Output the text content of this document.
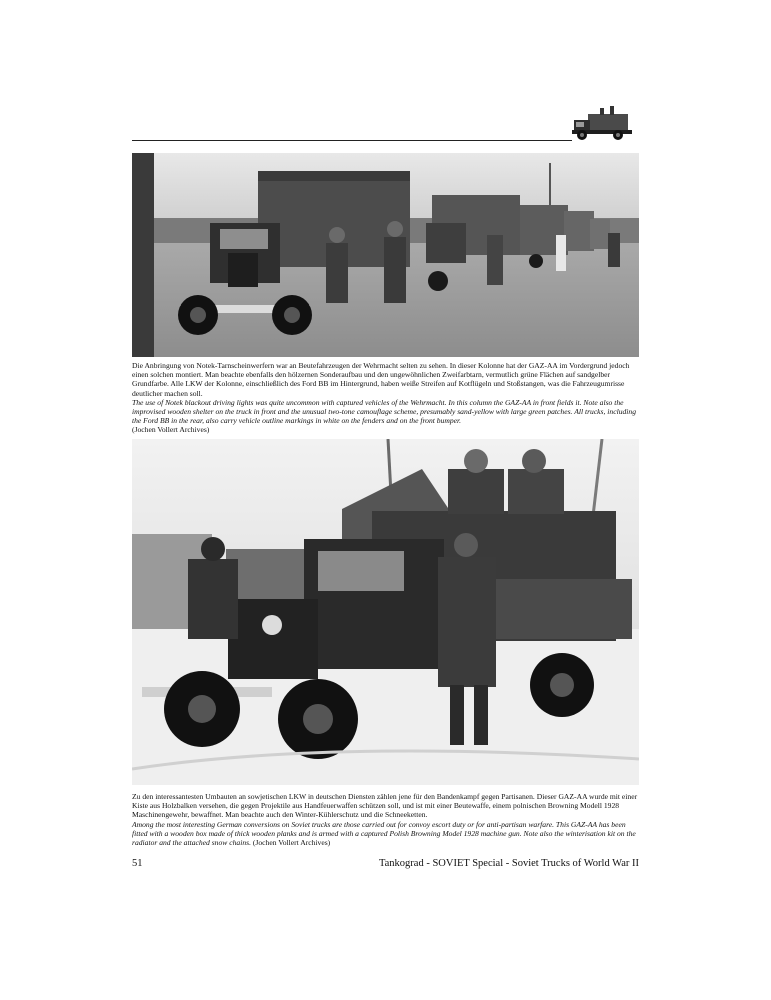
Die Anbringung von Notek-Tarnscheinwerfern war an Beutefahrzeugen der Wehrmacht selten zu sehen. In dieser Kolonne hat der GAZ-AA im Vordergrund jedoch einen solchen montiert. Man beachte ebenfalls den hölzernen Sonderaufbau und den ungewöhnlichen Zweifarbtarn, vermutlich grüne Flächen auf sandgelber Grundfarbe. Alle LKW der Kolonne, einschließlich des Ford BB im Hintergrund, haben weiße Streifen auf Kotflügeln und Stoßstangen, was die Fahrzeugumrisse deutlicher machen soll.

The use of Notek blackout driving lights was quite uncommon with captured vehicles of the Wehrmacht. In this column the GAZ-AA in front fields it. Note also the improvised wooden shelter on the truck in front and the unusual two-tone camouflage scheme, presumably sand-yellow with large green patches. All trucks, including the Ford BB in the rear, also carry vehicle outline markings in white on the fenders and on the front bumper.

(Jochen Vollert Archives)

Zu den interessantesten Umbauten an sowjetischen LKW in deutschen Diensten zählen jene für den Bandenkampf gegen Partisanen. Dieser GAZ-AA wurde mit einer Kiste aus Holzbalken versehen, die gegen Projektile aus Handfeuerwaffen schützen soll, und ist mit einer Beutewaffe, einem polnischen Browning Modell 1928 Maschinengewehr, bewaffnet. Man beachte auch den Winter-Kühlerschutz und die Schneeketten.

Among the most interesting German conversions on Soviet trucks are those carried out for convoy escort duty or for anti-partisan warfare. This GAZ-AA has been fitted with a wooden box made of thick wooden planks and is armed with a captured Polish Browning Model 1928 machine gun. Note also the winterisation kit on the radiator and the attached snow chains. (Jochen Vollert Archives)

51	Tankograd - SOVIET Special - Soviet Trucks of World War II
